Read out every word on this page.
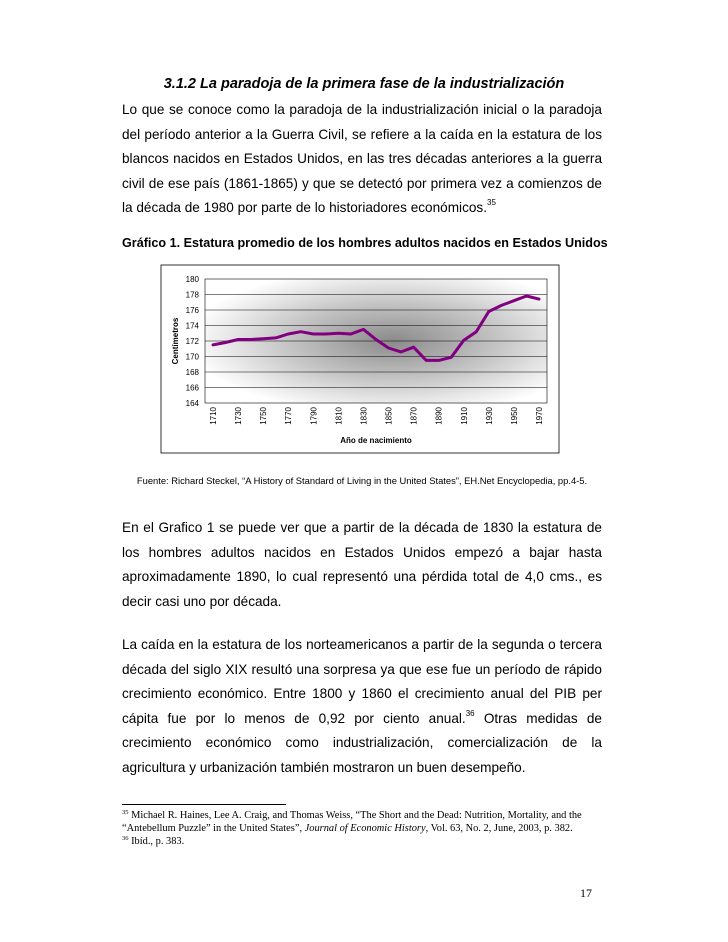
3.1.2 La paradoja de la primera fase de la industrialización

Lo que se conoce como la paradoja de la industrialización inicial o la paradoja del período anterior a la Guerra Civil, se refiere a la caída en la estatura de los blancos nacidos en Estados Unidos, en las tres décadas anteriores a la guerra civil de ese país (1861-1865) y que se detectó por primera vez a comienzos de la década de 1980 por parte de lo historiadores económicos.$^{35}$

Gráfico 1. Estatura promedio de los hombres adultos nacidos en Estados Unidos
180
178
176
174
172
170
168
166
164
1710 1730 1750 1770 1790 1810 1830 1850 1870 1890 1910 1930 1950 1970
Centímetros
Año de nacimiento
Fuente: Richard Steckel, “A History of Standard of Living in the United States”, EH.Net Encyclopedia, pp.4-5.

En el Grafico 1 se puede ver que a partir de la década de 1830 la estatura de los hombres adultos nacidos en Estados Unidos empezó a bajar hasta aproximadamente 1890, lo cual representó una pérdida total de 4,0 cms., es decir casi uno por década.

La caída en la estatura de los norteamericanos a partir de la segunda o tercera década del siglo XIX resultó una sorpresa ya que ese fue un período de rápido crecimiento económico. Entre 1800 y 1860 el crecimiento anual del PIB per cápita fue por lo menos de 0,92 por ciento anual.$^{36}$ Otras medidas de crecimiento económico como industrialización, comercialización de la agricultura y urbanización también mostraron un buen desempeño.

$^{35}$ Michael R. Haines, Lee A. Craig, and Thomas Weiss, “The Short and the Dead: Nutrition, Mortality, and the “Antebellum Puzzle” in the United States”, Journal of Economic History, Vol. 63, No. 2, June, 2003, p. 382.

$^{36}$ Ibíd., p. 383.

17
